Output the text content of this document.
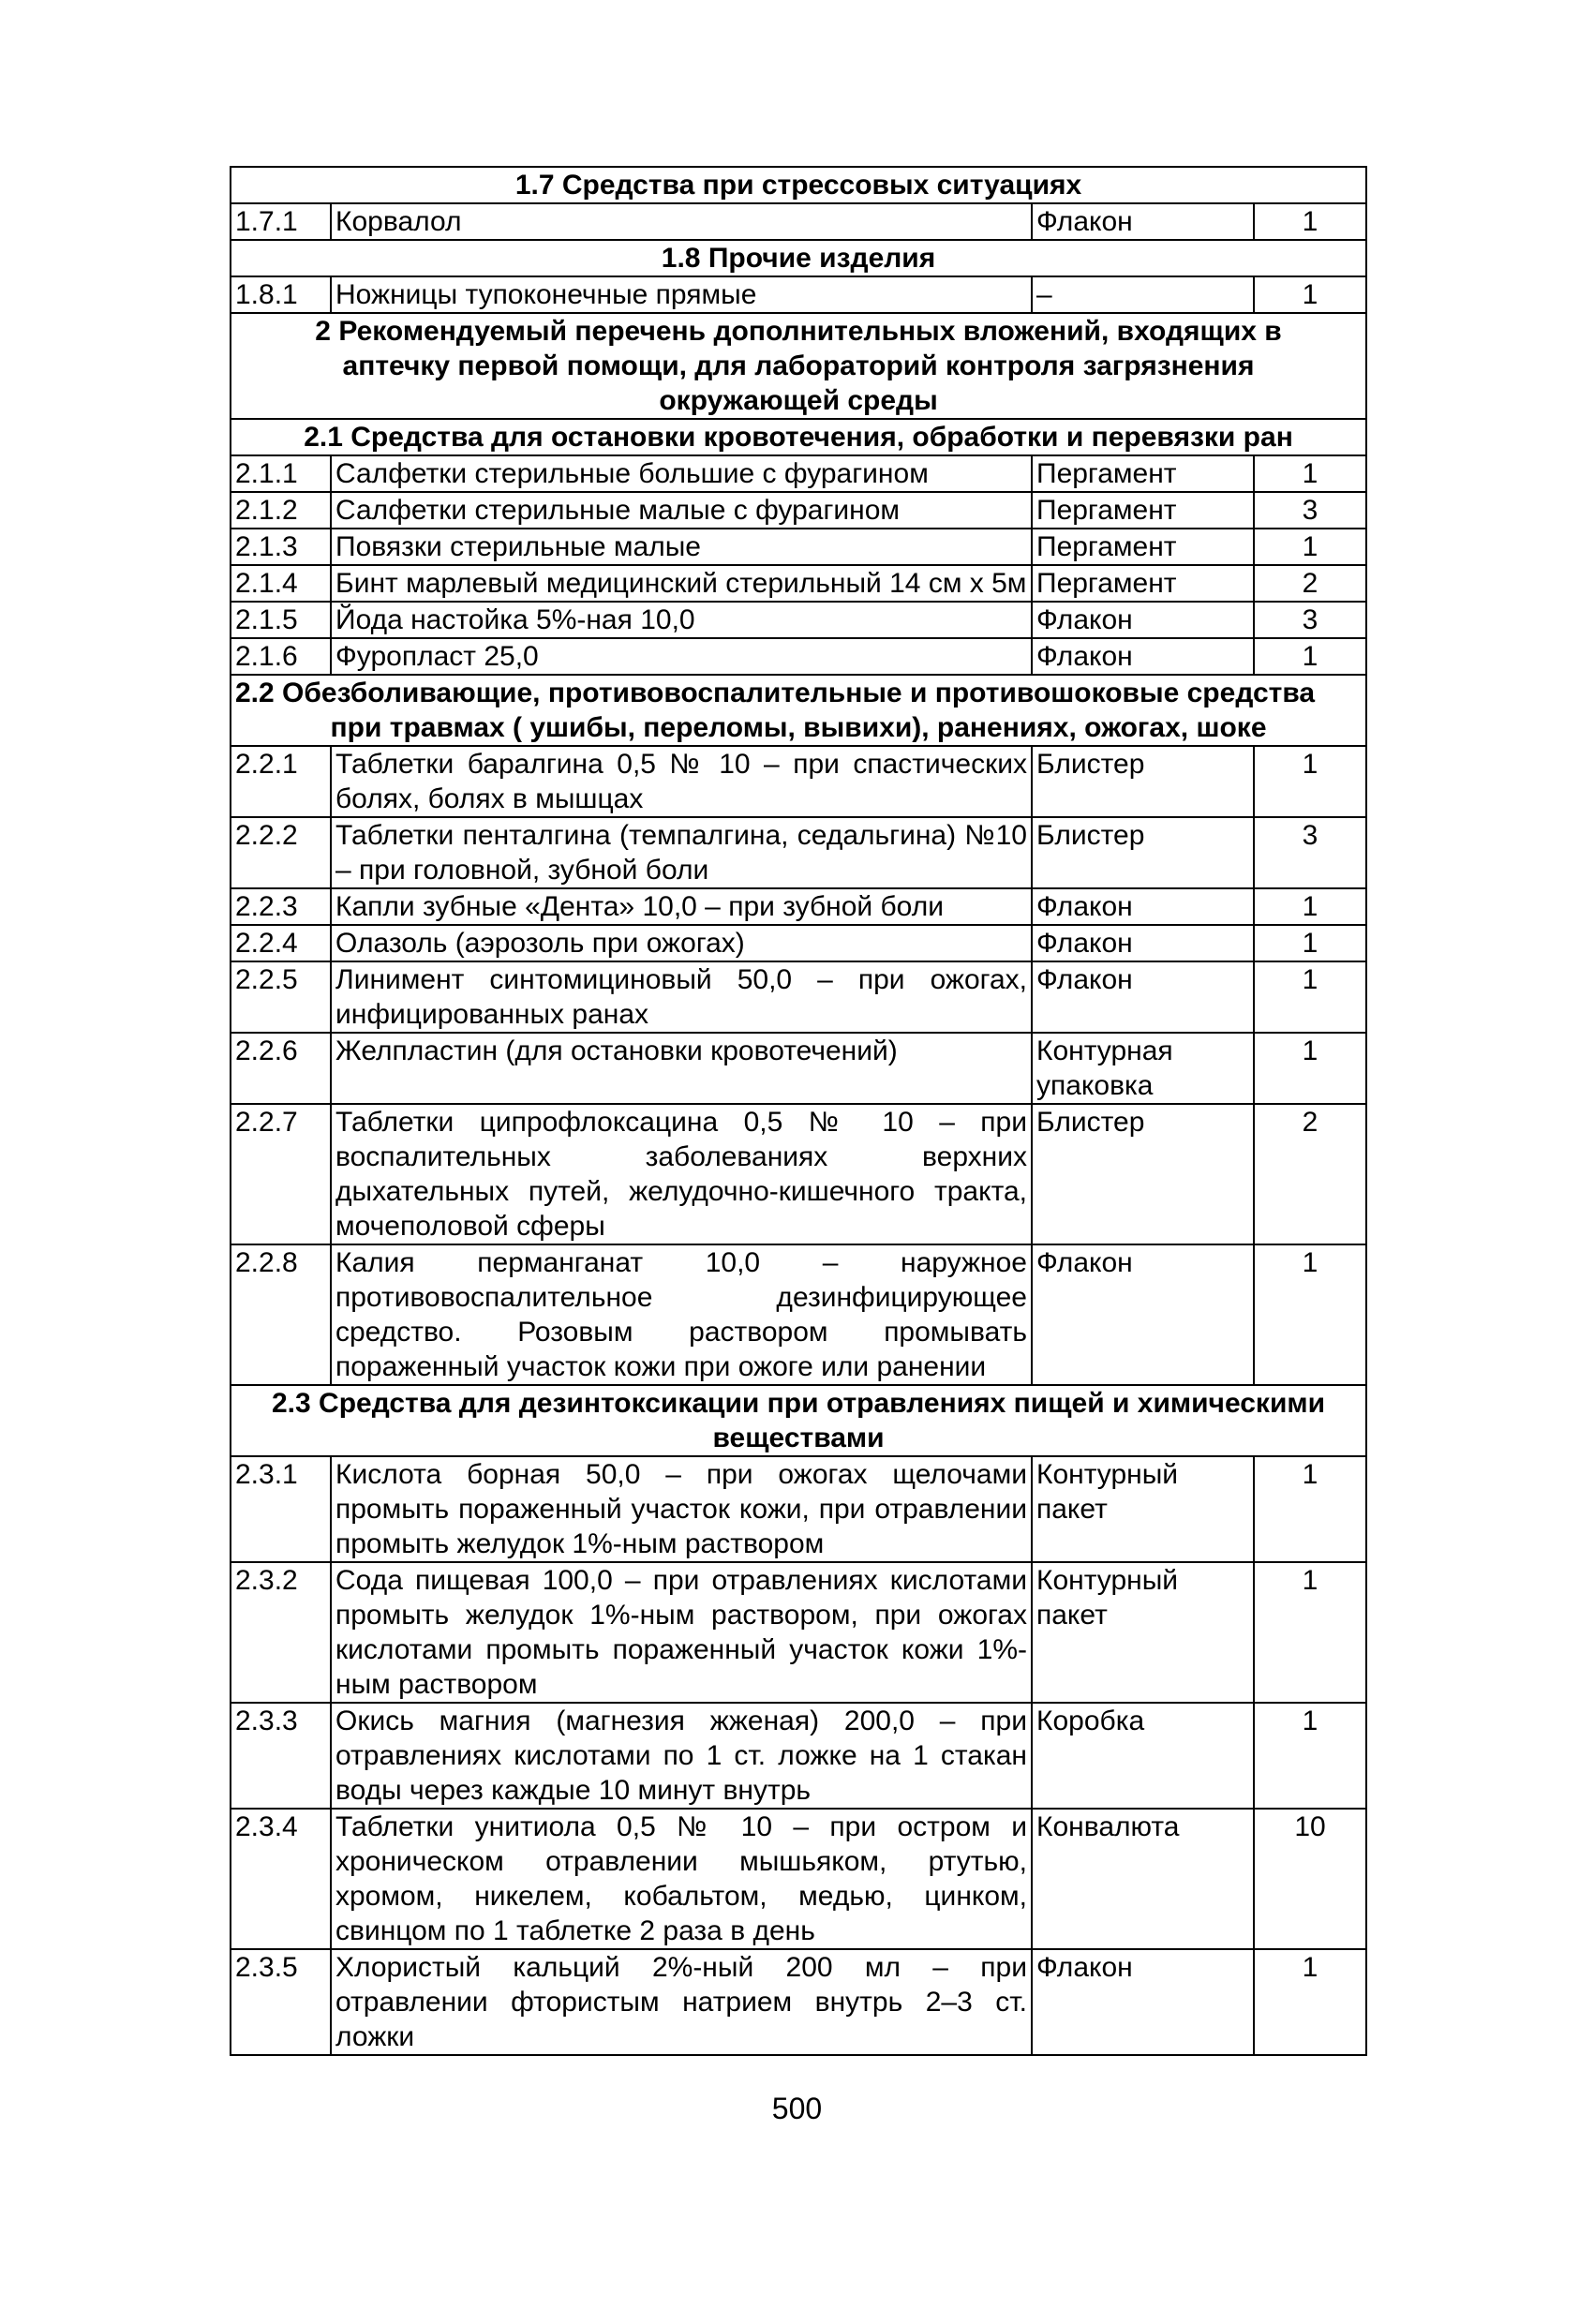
1.7 Средства при стрессовых ситуациях			
1.7.1	Корвалол	Флакон	1
1.8 Прочие изделия			
1.8.1	Ножницы тупоконечные прямые	–	1
2 Рекомендуемый перечень дополнительных вложений, входящих в аптечку первой помощи, для лабораторий контроля загрязнения окружающей среды			
2.1 Средства для остановки кровотечения, обработки и перевязки ран			
2.1.1	Салфетки стерильные большие с фурагином	Пергамент	1
2.1.2	Салфетки стерильные малые с фурагином	Пергамент	3
2.1.3	Повязки стерильные малые	Пергамент	1
2.1.4	Бинт марлевый медицинский стерильный 14 см х 5м	Пергамент	2
2.1.5	Йода настойка 5%-ная 10,0	Флакон	3
2.1.6	Фуропласт 25,0	Флакон	1
2.2 Обезболивающие, противовоспалительные и противошоковые средства при травмах ( ушибы, переломы, вывихи), ранениях, ожогах, шоке			
2.2.1	Таблетки баралгина 0,5 № 10 – при спастических болях, болях в мышцах	Блистер	1
2.2.2	Таблетки пенталгина (темпалгина, седальгина) №10 – при головной, зубной боли	Блистер	3
2.2.3	Капли зубные «Дента» 10,0 – при зубной боли	Флакон	1
2.2.4	Олазоль (аэрозоль при ожогах)	Флакон	1
2.2.5	Линимент синтомициновый 50,0 – при ожогах, инфицированных ранах	Флакон	1
2.2.6	Желпластин (для остановки кровотечений)	Контурная упаковка	1
2.2.7	Таблетки ципрофлоксацина 0,5 № 10 – при воспалительных заболеваниях верхних дыхательных путей, желудочно-кишечного тракта, мочеполовой сферы	Блистер	2
2.2.8	Калия перманганат 10,0 – наружное противовоспалительное дезинфицирующее средство. Розовым раствором промывать пораженный участок кожи при ожоге или ранении	Флакон	1
2.3 Средства для дезинтоксикации при отравлениях пищей и химическими веществами			
2.3.1	Кислота борная 50,0 – при ожогах щелочами промыть пораженный участок кожи, при отравлении промыть желудок 1%-ным раствором	Контурный пакет	1
2.3.2	Сода пищевая 100,0 – при отравлениях кислотами промыть желудок 1%-ным раствором, при ожогах кислотами промыть пораженный участок кожи 1%-ным раствором	Контурный пакет	1
2.3.3	Окись магния (магнезия жженая) 200,0 – при отравлениях кислотами по 1 ст. ложке на 1 стакан воды через каждые 10 минут внутрь	Коробка	1
2.3.4	Таблетки унитиола 0,5 № 10 – при остром и хроническом отравлении мышьяком, ртутью, хромом, никелем, кобальтом, медью, цинком, свинцом по 1 таблетке 2 раза в день	Конвалюта	10
2.3.5	Хлористый кальций 2%-ный 200 мл – при отравлении фтористым натрием внутрь 2–3 ст. ложки	Флакон	1
500
